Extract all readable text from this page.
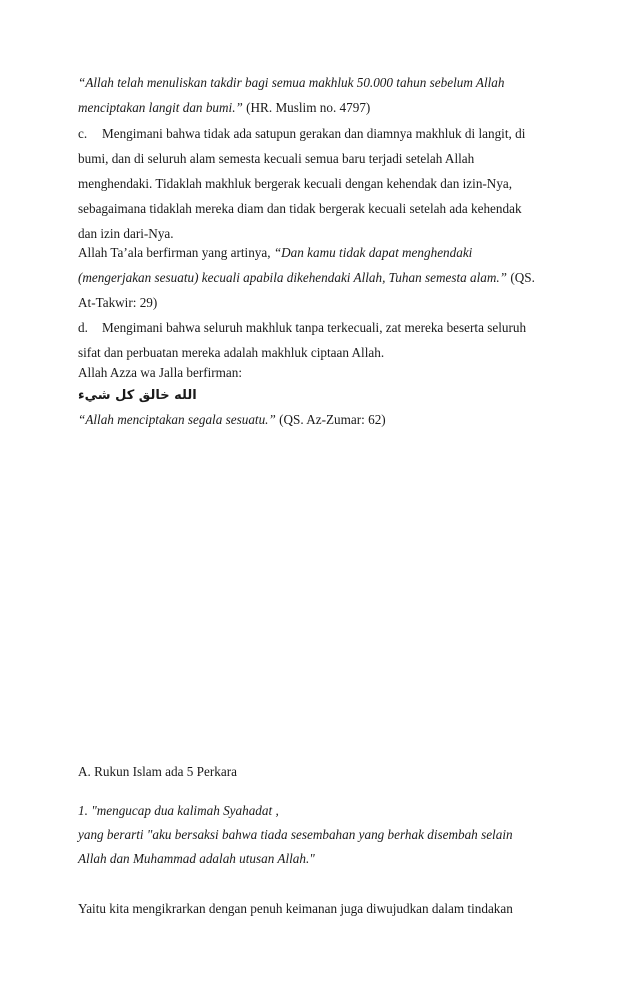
“Allah telah menuliskan takdir bagi semua makhluk 50.000 tahun sebelum Allah
menciptakan langit dan bumi.” (HR. Muslim no. 4797)
c. Mengimani bahwa tidak ada satupun gerakan dan diamnya makhluk di langit, di
bumi, dan di seluruh alam semesta kecuali semua baru terjadi setelah Allah
menghendaki. Tidaklah makhluk bergerak kecuali dengan kehendak dan izin-Nya,
sebagaimana tidaklah mereka diam dan tidak bergerak kecuali setelah ada kehendak
dan izin dari-Nya.
Allah Ta’ala berfirman yang artinya, “Dan kamu tidak dapat menghendaki
(mengerjakan sesuatu) kecuali apabila dikehendaki Allah, Tuhan semesta alam.” (QS.
At-Takwir: 29)
d. Mengimani bahwa seluruh makhluk tanpa terkecuali, zat mereka beserta seluruh
sifat dan perbuatan mereka adalah makhluk ciptaan Allah.
Allah Azza wa Jalla berfirman:
الله خالق كل شيء
“Allah menciptakan segala sesuatu.” (QS. Az-Zumar: 62)
A. Rukun Islam ada 5 Perkara
1. "mengucap dua kalimah Syahadat ,
yang berarti "aku bersaksi bahwa tiada sesembahan yang berhak disembah selain
Allah dan Muhammad adalah utusan Allah."
Yaitu kita mengikrarkan dengan penuh keimanan juga diwujudkan dalam tindakan
